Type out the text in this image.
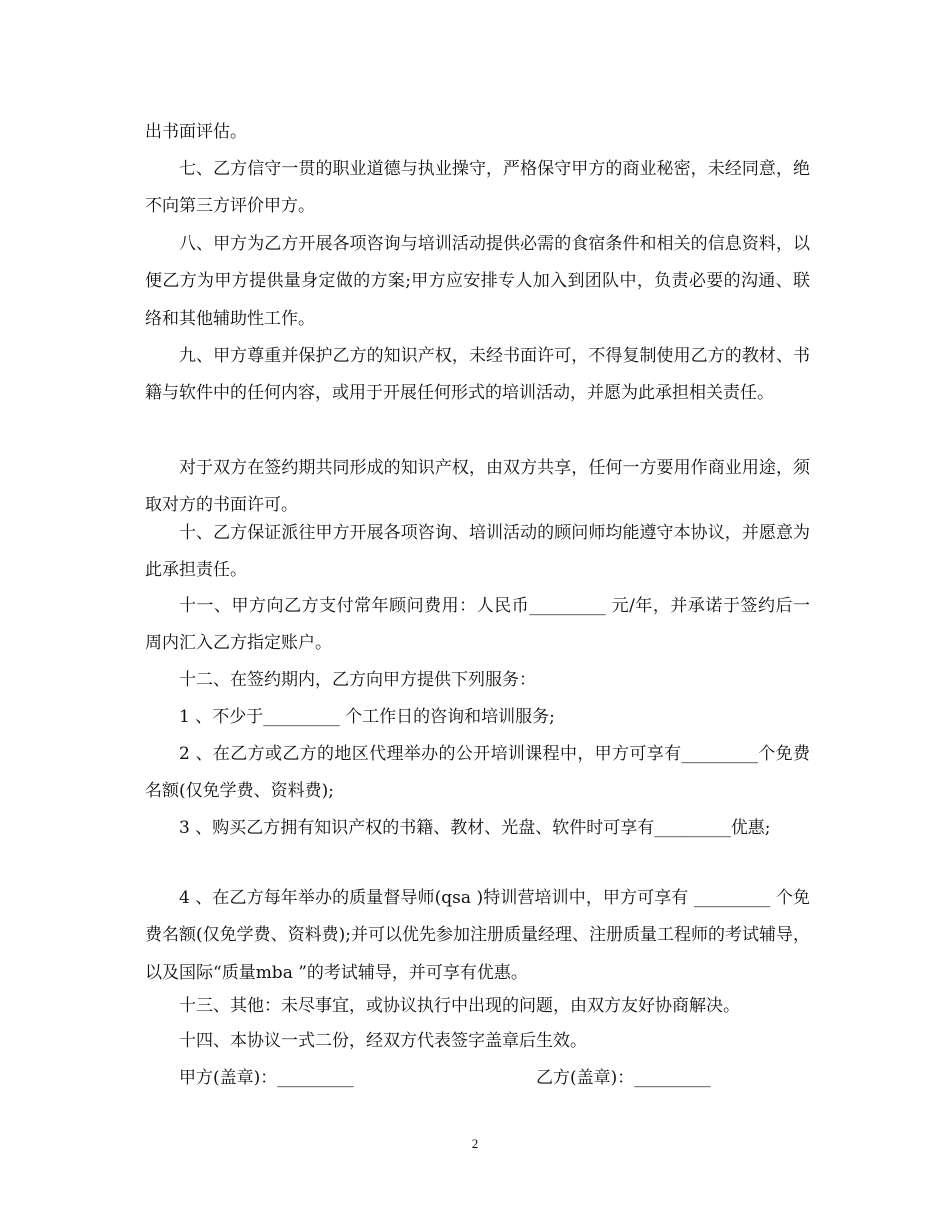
出书面评估。

七、乙方信守一贯的职业道德与执业操守，严格保守甲方的商业秘密，未经同意，绝不向第三方评价甲方。

八、甲方为乙方开展各项咨询与培训活动提供必需的食宿条件和相关的信息资料，以便乙方为甲方提供量身定做的方案;甲方应安排专人加入到团队中，负责必要的沟通、联络和其他辅助性工作。

九、甲方尊重并保护乙方的知识产权，未经书面许可，不得复制使用乙方的教材、书籍与软件中的任何内容，或用于开展任何形式的培训活动，并愿为此承担相关责任。

对于双方在签约期共同形成的知识产权，由双方共享，任何一方要用作商业用途，须取对方的书面许可。

十、乙方保证派往甲方开展各项咨询、培训活动的顾问师均能遵守本协议，并愿意为此承担责任。

十一、甲方向乙方支付常年顾问费用：人民币_________ 元/年，并承诺于签约后一周内汇入乙方指定账户。

十二、在签约期内，乙方向甲方提供下列服务：

1 、不少于_________ 个工作日的咨询和培训服务;

2 、在乙方或乙方的地区代理举办的公开培训课程中，甲方可享有_________个免费名额(仅免学费、资料费);

3 、购买乙方拥有知识产权的书籍、教材、光盘、软件时可享有_________优惠;

4 、在乙方每年举办的质量督导师(qsa )特训营培训中，甲方可享有 _________ 个免费名额(仅免学费、资料费);并可以优先参加注册质量经理、注册质量工程师的考试辅导，以及国际“质量mba ”的考试辅导，并可享有优惠。

十三、其他：未尽事宜，或协议执行中出现的问题，由双方友好协商解决。

十四、本协议一式二份，经双方代表签字盖章后生效。

甲方(盖章)：_________	乙方(盖章)：_________
2
